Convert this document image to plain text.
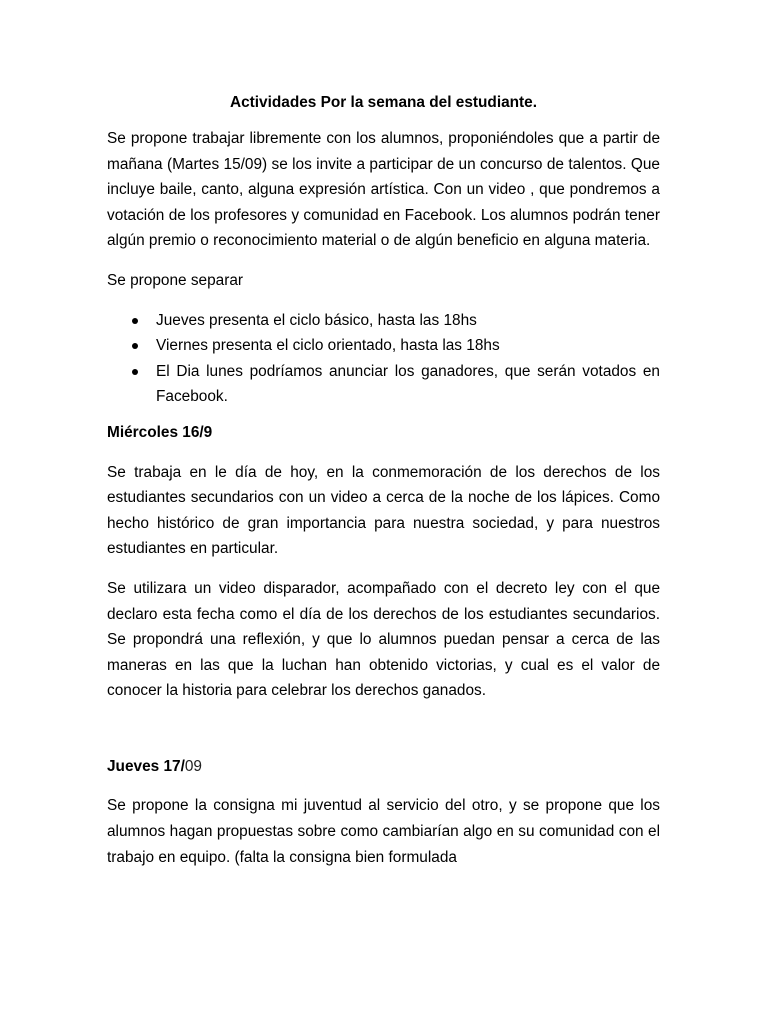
Actividades Por la semana del estudiante.

Se propone trabajar libremente con los alumnos, proponiéndoles que a partir de mañana (Martes 15/09) se los invite a participar de un concurso de talentos. Que incluye baile, canto, alguna expresión artística. Con un video , que pondremos a votación de los profesores y comunidad en Facebook. Los alumnos podrán tener algún premio o reconocimiento material o de algún beneficio en alguna materia.

Se propone separar

Jueves presenta el ciclo básico, hasta las 18hs
Viernes presenta el ciclo orientado, hasta las 18hs
El Dia lunes podríamos anunciar los ganadores, que serán votados en Facebook.

Miércoles 16/9

Se trabaja en le día de hoy, en la conmemoración de los derechos de los estudiantes secundarios con un video a cerca de la noche de los lápices. Como hecho histórico de gran importancia para nuestra sociedad, y para nuestros estudiantes en particular.

Se utilizara un video disparador, acompañado con el decreto ley con el que declaro esta fecha como el día de los derechos de los estudiantes secundarios. Se propondrá una reflexión, y que lo alumnos puedan pensar a cerca de las maneras en las que la luchan han obtenido victorias, y cual es el valor de conocer la historia para celebrar los derechos ganados.

Jueves 17/09

Se propone la consigna mi juventud al servicio del otro, y se propone que los alumnos hagan propuestas sobre como cambiarían algo en su comunidad con el trabajo en equipo. (falta la consigna bien formulada
